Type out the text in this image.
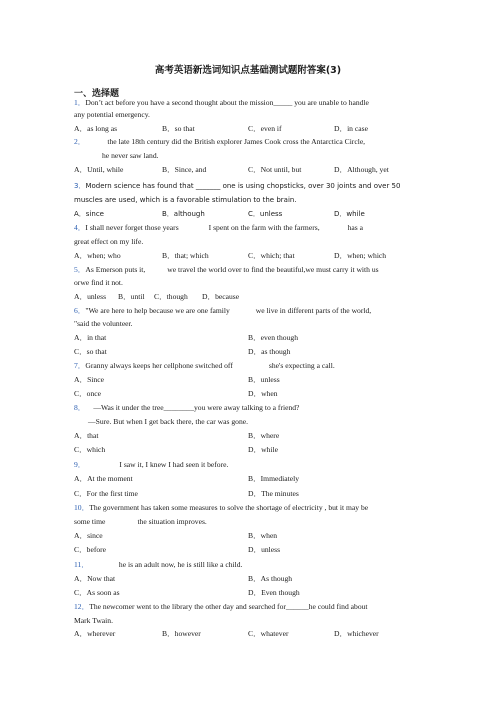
高考英语新选词知识点基础测试题附答案(3)
一、选择题
1．Don’t act before you have a second thought about the mission_____ you are unable to handle
any potential emergency.
A．as long as	B．so that	C．even if	D．in case
2．	the late 18th century did the British explorer James Cook cross the Antarctica Circle,
he never saw land.
A．Until, while	B．Since, and	C．Not until, but	D．Although, yet
3．Modern science has found that _______ one is using chopsticks, over 30 joints and over 50
muscles are used, which is a favorable stimulation to the brain.
A．since	B．although	C．unless	D．while
4．I shall never forget those years	I spent on the farm with the farmers,	has a
great effect on my life.
A．when; who	B．that; which	C．which; that	D．when; which
5．As Emerson puts it,	we travel the world over to find the beautiful,we must carry it with us
orwe find it not.
A．unless B．until C．though D．because
6．"We are here to help because we are one family	we live in different parts of the world,
"said the volunteer.
A．in that	B．even though
C．so that	D．as though
7．Granny always keeps her cellphone switched off	she's expecting a call.
A．Since	B．unless
C．once	D．when
8． —Was it under the tree________you were away talking to a friend?
—Sure. But when I get back there, the car was gone.
A．that	B．where
C．which	D．while
9．	I saw it, I knew I had seen it before.
A．At the moment	B．Immediately
C．For the first time	D．The minutes
10．The government has taken some measures to solve the shortage of electricity , but it may be
some time	the situation improves.
A．since	B．when
C．before	D．unless
11．	he is an adult now, he is still like a child.
A．Now that	B．As though
C．As soon as	D．Even though
12．The newcomer went to the library the other day and searched for______he could find about
Mark Twain.
A．wherever	B．however	C．whatever	D．whichever
